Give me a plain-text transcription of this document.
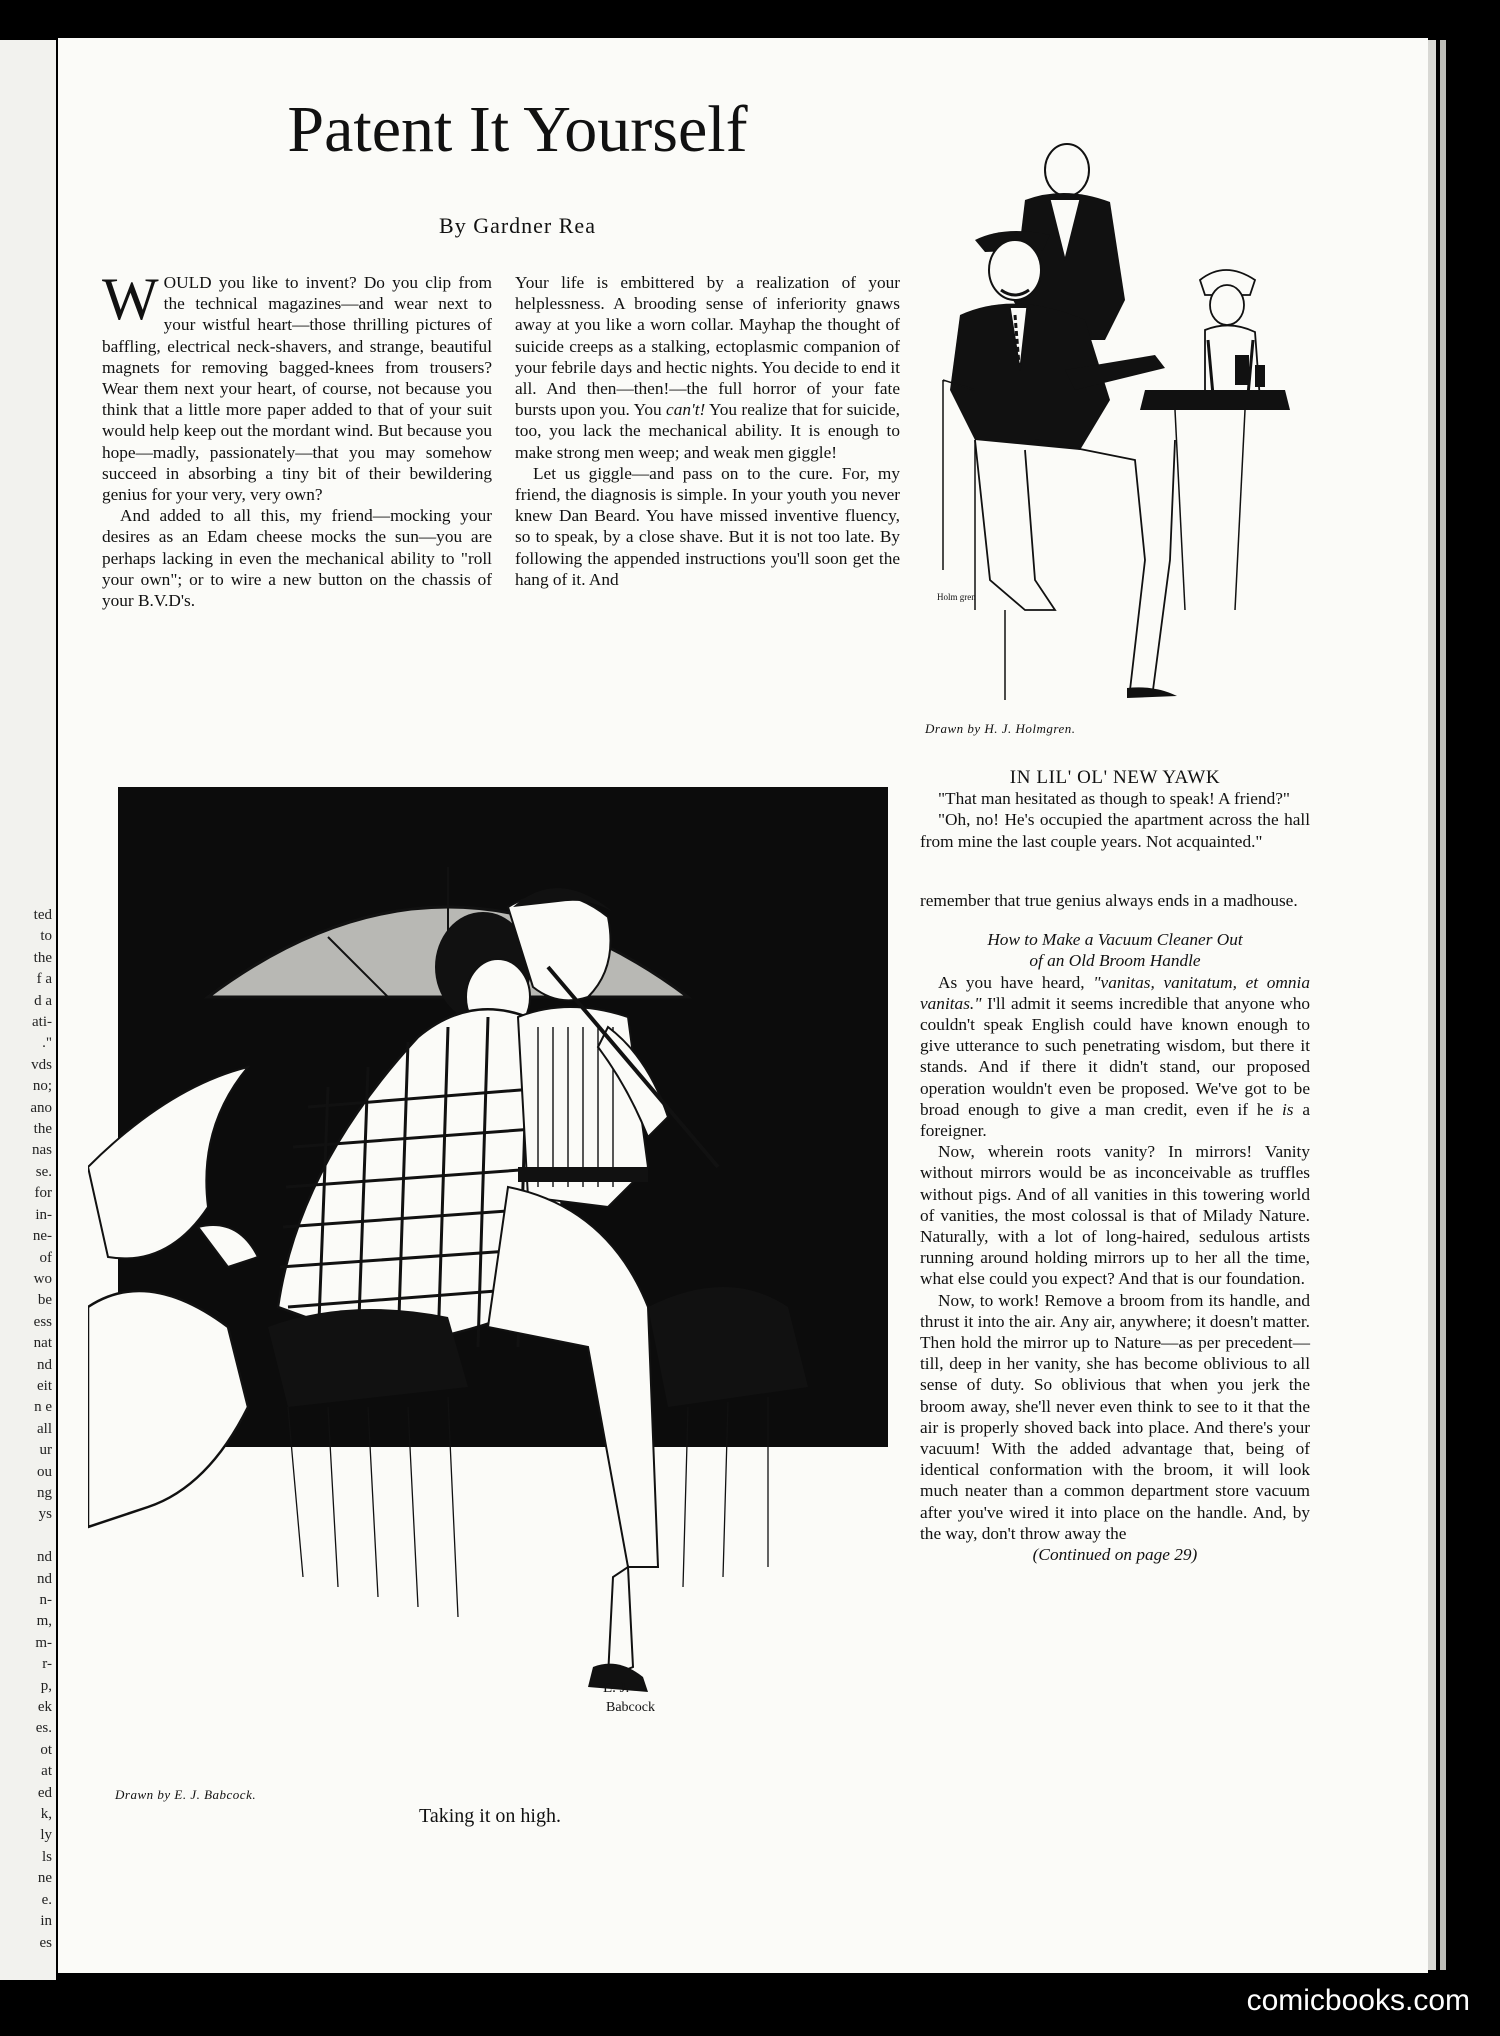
ted
to
the
f a
d a
ati-
."
vds
no;
ano
the
nas
se.
for
in-
ne-
of
wo
be
ess
nat
nd
eit
n e
all
ur
ou
ng
ys

nd
nd
n-
m,
m-
r-
p,
ek
es.
ot
at
ed
k,
ly
ls
ne
e.
in
es
Patent It Yourself
By Gardner Rea

WOULD you like to invent? Do you clip from the technical magazines—and wear next to your wistful heart—those thrilling pictures of baffling, electrical neck-shavers, and strange, beautiful magnets for removing bagged-knees from trousers? Wear them next your heart, of course, not because you think that a little more paper added to that of your suit would help keep out the mordant wind. But because you hope—madly, passionately—that you may somehow succeed in absorbing a tiny bit of their bewildering genius for your very, very own?

And added to all this, my friend—mocking your desires as an Edam cheese mocks the sun—you are perhaps lacking in even the mechanical ability to "roll your own"; or to wire a new button on the chassis of your B.V.D's.

Your life is embittered by a realization of your helplessness. A brooding sense of inferiority gnaws away at you like a worn collar. Mayhap the thought of suicide creeps as a stalking, ectoplasmic companion of your febrile days and hectic nights. You decide to end it all. And then—then!—the full horror of your fate bursts upon you. You can't! You realize that for suicide, too, you lack the mechanical ability. It is enough to make strong men weep; and weak men giggle!

Let us giggle—and pass on to the cure. For, my friend, the diagnosis is simple. In your youth you never knew Dan Beard. You have missed inventive fluency, so to speak, by a close shave. But it is not too late. By following the appended instructions you'll soon get the hang of it. And

Holm gren
Drawn by H. J. Holmgren.

IN LIL' OL' NEW YAWK

"That man hesitated as though to speak! A friend?"

"Oh, no! He's occupied the apartment across the hall from mine the last couple years. Not acquainted."

E. J.
Babcock
Drawn by E. J. Babcock.
Taking it on high.

remember that true genius always ends in a madhouse.

How to Make a Vacuum Cleaner Out

of an Old Broom Handle

As you have heard, "vanitas, vanitatum, et omnia vanitas." I'll admit it seems incredible that anyone who couldn't speak English could have known enough to give utterance to such penetrating wisdom, but there it stands. And if there it didn't stand, our proposed operation wouldn't even be proposed. We've got to be broad enough to give a man credit, even if he is a foreigner.

Now, wherein roots vanity? In mirrors! Vanity without mirrors would be as inconceivable as truffles without pigs. And of all vanities in this towering world of vanities, the most colossal is that of Milady Nature. Naturally, with a lot of long-haired, sedulous artists running around holding mirrors up to her all the time, what else could you expect? And that is our foundation.

Now, to work! Remove a broom from its handle, and thrust it into the air. Any air, anywhere; it doesn't matter. Then hold the mirror up to Nature—as per precedent—till, deep in her vanity, she has become oblivious to all sense of duty. So oblivious that when you jerk the broom away, she'll never even think to see to it that the air is properly shoved back into place. And there's your vacuum! With the added advantage that, being of identical conformation with the broom, it will look much neater than a common department store vacuum after you've wired it into place on the handle. And, by the way, don't throw away the

(Continued on page 29)

comicbooks.com
